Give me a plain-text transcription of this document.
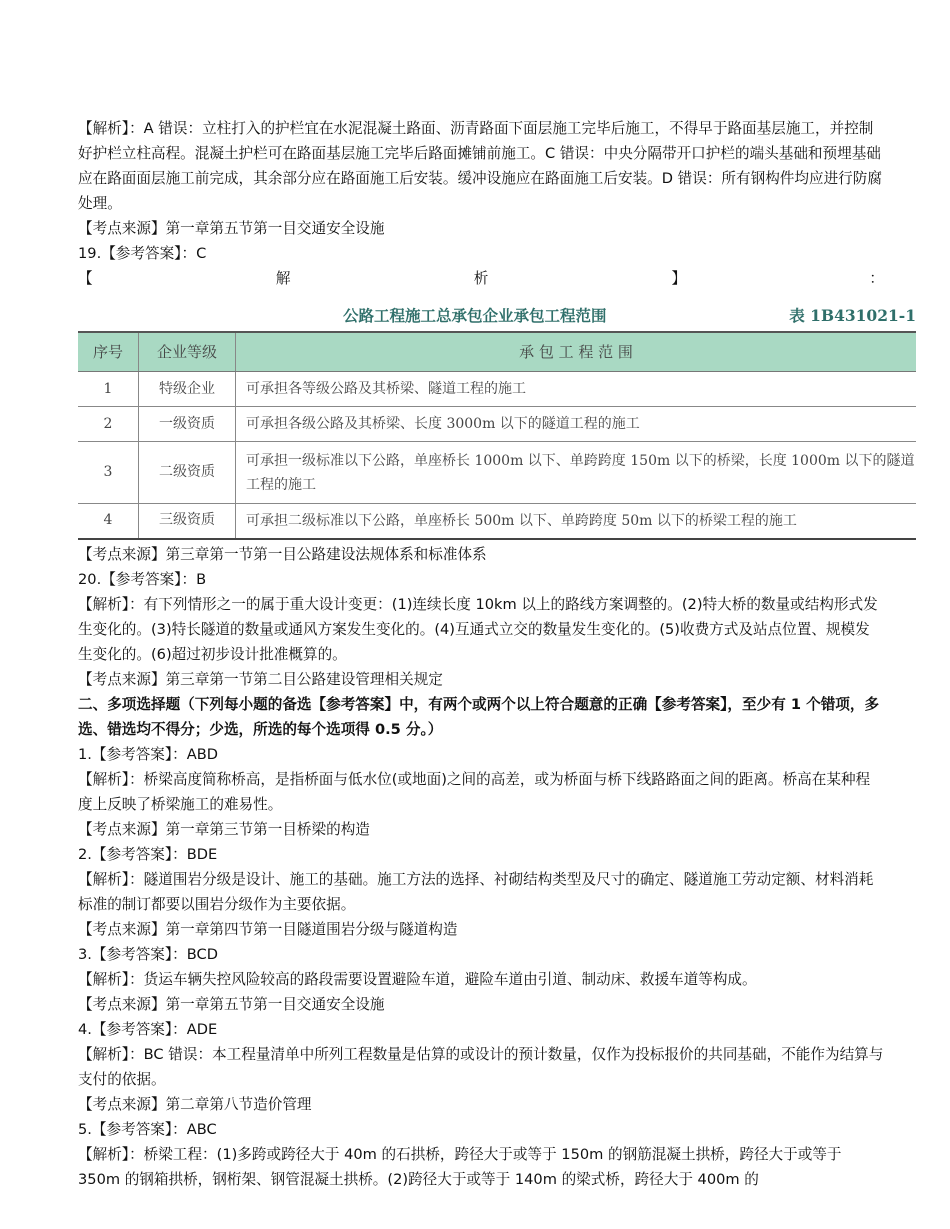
【解析】：A 错误：立柱打入的护栏宜在水泥混凝土路面、沥青路面下面层施工完毕后施工，不得早于路面基层施工，并控制好护栏立柱高程。混凝土护栏可在路面基层施工完毕后路面摊铺前施工。C 错误：中央分隔带开口护栏的端头基础和预埋基础应在路面面层施工前完成，其余部分应在路面施工后安装。缓冲设施应在路面施工后安装。D 错误：所有钢构件均应进行防腐处理。

【考点来源】第一章第五节第一目交通安全设施

19.【参考答案】：C

【	解	析	】	：

公路工程施工总承包企业承包工程范围	表 1B431021-1
序号	企业等级	承 包 工 程 范 围
1	特级企业	可承担各等级公路及其桥梁、隧道工程的施工
2	一级资质	可承担各级公路及其桥梁、长度 3000m 以下的隧道工程的施工
3	二级资质	可承担一级标准以下公路，单座桥长 1000m 以下、单跨跨度 150m 以下的桥梁，长度 1000m 以下的隧道工程的施工
4	三级资质	可承担二级标准以下公路，单座桥长 500m 以下、单跨跨度 50m 以下的桥梁工程的施工

【考点来源】第三章第一节第一目公路建设法规体系和标准体系

20.【参考答案】：B

【解析】：有下列情形之一的属于重大设计变更：(1)连续长度 10km 以上的路线方案调整的。(2)特大桥的数量或结构形式发生变化的。(3)特长隧道的数量或通风方案发生变化的。(4)互通式立交的数量发生变化的。(5)收费方式及站点位置、规模发生变化的。(6)超过初步设计批准概算的。

【考点来源】第三章第一节第二目公路建设管理相关规定

二、多项选择题（下列每小题的备选【参考答案】中，有两个或两个以上符合题意的正确【参考答案】，至少有 1 个错项，多选、错选均不得分；少选，所选的每个选项得 0.5 分。）

1.【参考答案】：ABD

【解析】：桥梁高度简称桥高，是指桥面与低水位(或地面)之间的高差，或为桥面与桥下线路路面之间的距离。桥高在某种程度上反映了桥梁施工的难易性。

【考点来源】第一章第三节第一目桥梁的构造

2.【参考答案】：BDE

【解析】：隧道围岩分级是设计、施工的基础。施工方法的选择、衬砌结构类型及尺寸的确定、隧道施工劳动定额、材料消耗标准的制订都要以围岩分级作为主要依据。

【考点来源】第一章第四节第一目隧道围岩分级与隧道构造

3.【参考答案】：BCD

【解析】：货运车辆失控风险较高的路段需要设置避险车道，避险车道由引道、制动床、救援车道等构成。

【考点来源】第一章第五节第一目交通安全设施

4.【参考答案】：ADE

【解析】：BC 错误：本工程量清单中所列工程数量是估算的或设计的预计数量，仅作为投标报价的共同基础，不能作为结算与支付的依据。

【考点来源】第二章第八节造价管理

5.【参考答案】：ABC

【解析】：桥梁工程：(1)多跨或跨径大于 40m 的石拱桥，跨径大于或等于 150m 的钢筋混凝土拱桥，跨径大于或等于 350m 的钢箱拱桥，钢桁架、钢管混凝土拱桥。(2)跨径大于或等于 140m 的梁式桥，跨径大于 400m 的
